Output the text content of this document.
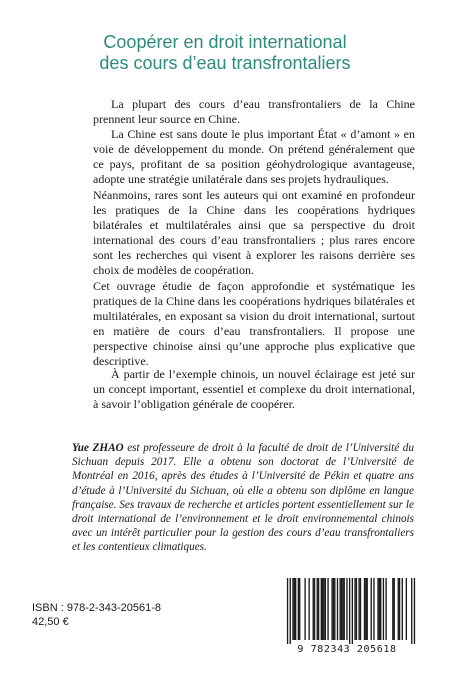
Coopérer en droit international
des cours d’eau transfrontaliers

La plupart des cours d’eau transfrontaliers de la Chine prennent leur source en Chine.

La Chine est sans doute le plus important État « d’amont » en voie de développement du monde. On prétend généralement que ce pays, profitant de sa position géohydrologique avantageuse, adopte une stratégie unilatérale dans ses projets hydrauliques.

Néanmoins, rares sont les auteurs qui ont examiné en profondeur les pratiques de la Chine dans les coopérations hydriques bilatérales et multilatérales ainsi que sa perspective du droit international des cours d’eau transfrontaliers ; plus rares encore sont les recherches qui visent à explorer les raisons derrière ses choix de modèles de coopération.

Cet ouvrage étudie de façon approfondie et systématique les pratiques de la Chine dans les coopérations hydriques bilatérales et multilatérales, en exposant sa vision du droit international, surtout en matière de cours d’eau transfrontaliers. Il propose une perspective chinoise ainsi qu’une approche plus explicative que descriptive.

À partir de l’exemple chinois, un nouvel éclairage est jeté sur un concept important, essentiel et complexe du droit international, à savoir l’obligation générale de coopérer.

Yue ZHAO est professeure de droit à la faculté de droit de l’Université du Sichuan depuis 2017. Elle a obtenu son doctorat de l’Université de Montréal en 2016, après des études à l’Université de Pékin et quatre ans d’étude à l’Université du Sichuan, où elle a obtenu son diplôme en langue française. Ses travaux de recherche et articles portent essentiellement sur le droit international de l’environnement et le droit environnemental chinois avec un intérêt particulier pour la gestion des cours d’eau transfrontaliers et les contentieux climatiques.

ISBN : 978-2-343-20561-8
42,50 €
9 782343 205618
